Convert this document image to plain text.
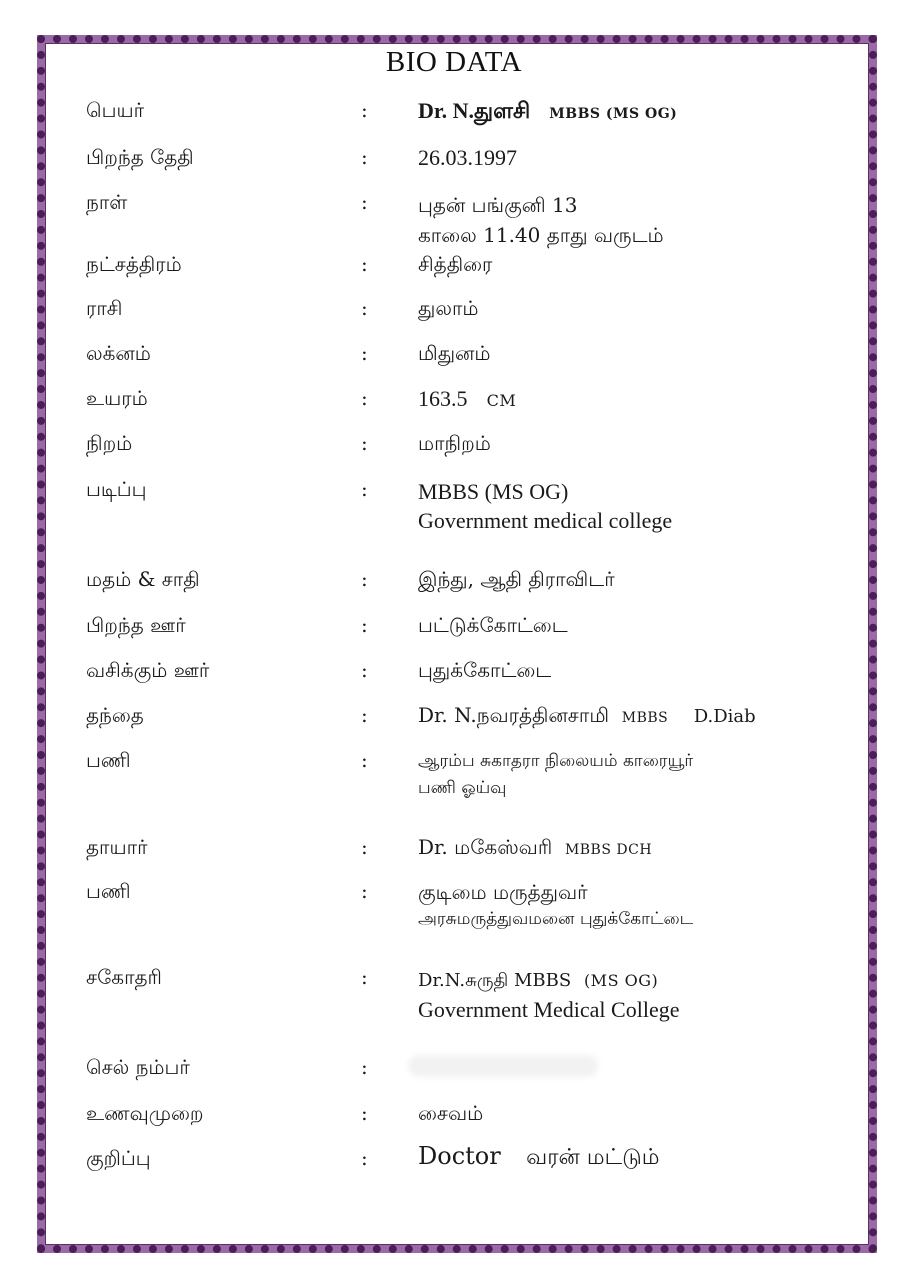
BIO DATA
பெயர்	: Dr. N.துளசி MBBS (MS OG)
பிறந்த தேதி	: 26.03.1997
நாள்	:	புதன் பங்குனி 13
காலை 11.40 தாது வருடம்
நட்சத்திரம்	:	சித்திரை
ராசி	:	துலாம்
லக்னம்	:	மிதுனம்
உயரம்	: 163.5 CM
நிறம்	:	மாநிறம்
படிப்பு	: MBBS (MS OG)
Government medical college
மதம் & சாதி	:	இந்து, ஆதி திராவிடர்
பிறந்த ஊர்	:	பட்டுக்கோட்டை
வசிக்கும் ஊர்	:	புதுக்கோட்டை
தந்தை	:	Dr. N.நவரத்தினசாமி MBBS D.Diab
பணி	:	ஆரம்ப சுகாதரா நிலையம் காரையூர்
பணி ஓய்வு
தாயார்	:	Dr. மகேஸ்வரி MBBS DCH
பணி	:	குடிமை மருத்துவர்
அரசுமருத்துவமனை புதுக்கோட்டை
சகோதரி	:	Dr.N.சுருதி MBBS (MS OG)
Government Medical College
செல் நம்பர்	:
உணவுமுறை	:	சைவம்
குறிப்பு	: Doctor வரன் மட்டும்
